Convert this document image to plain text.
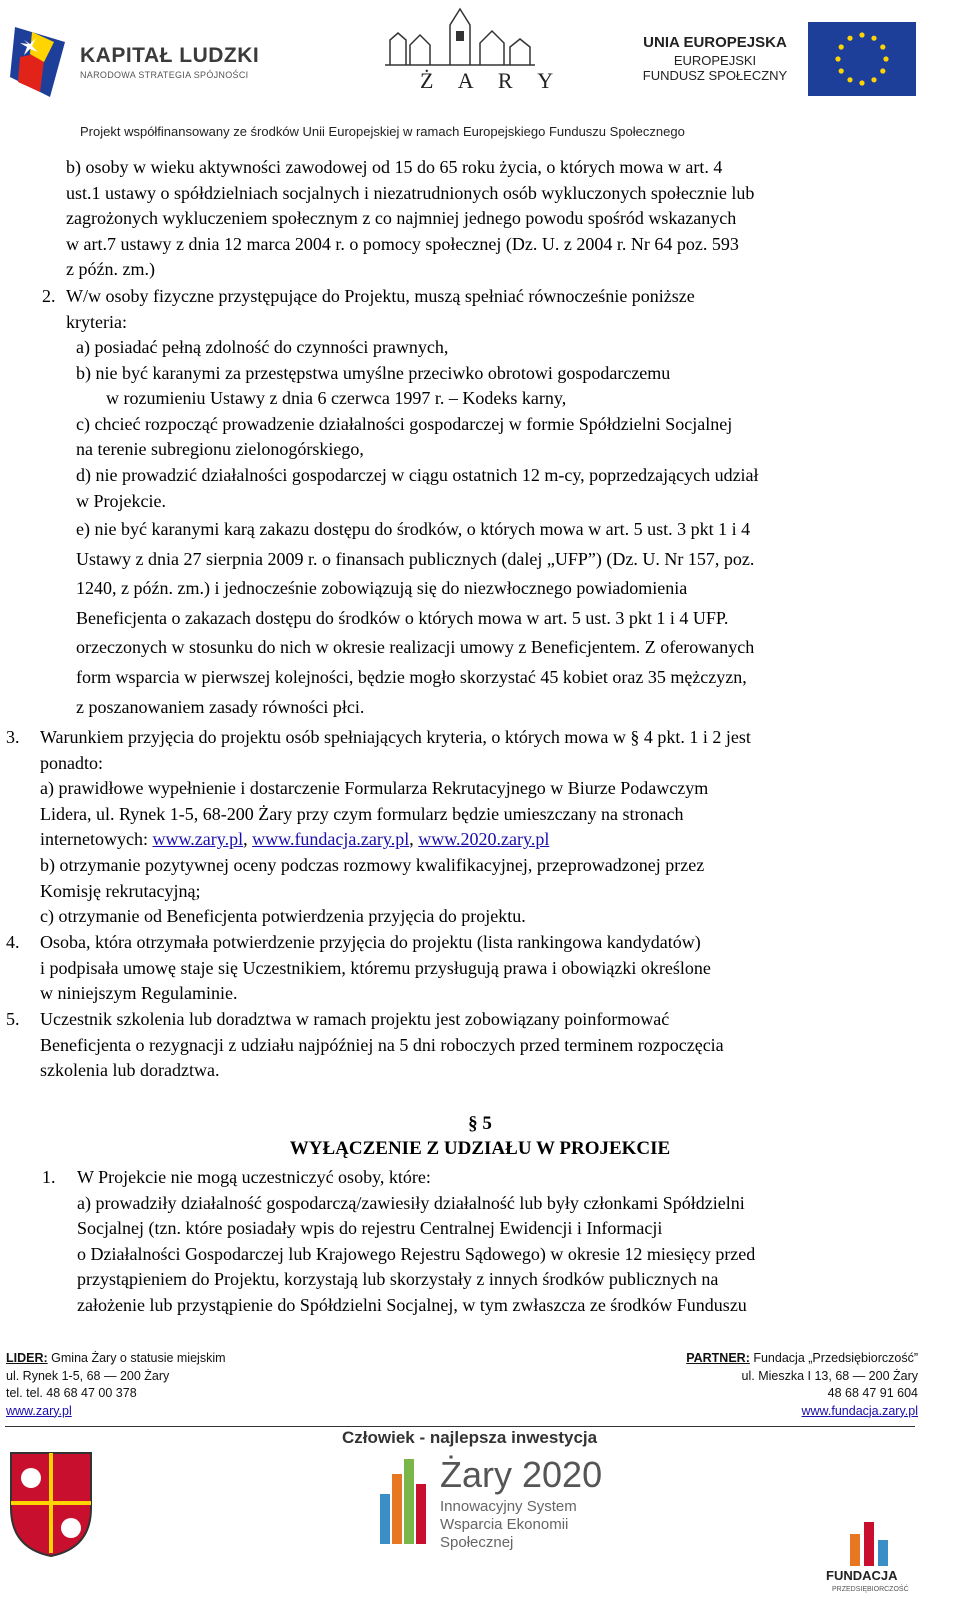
KAPITAŁ LUDZKI
NARODOWA STRATEGIA SPÓJNOŚCI	Ż A R Y
UNIA EUROPEJSKA
EUROPEJSKI
FUNDUSZ SPOŁECZNY
Projekt współfinansowany ze środków Unii Europejskiej w ramach Europejskiego Funduszu Społecznego
b) osoby w wieku aktywności zawodowej od 15 do 65 roku życia, o których mowa w art. 4
ust.1 ustawy o spółdzielniach socjalnych i niezatrudnionych osób wykluczonych społecznie lub
zagrożonych wykluczeniem społecznym z co najmniej jednego powodu spośród wskazanych
w art.7 ustawy z dnia 12 marca 2004 r. o pomocy społecznej (Dz. U. z 2004 r. Nr 64 poz. 593
z późn. zm.)
2. W/w osoby fizyczne przystępujące do Projektu, muszą spełniać równocześnie poniższe
kryteria:
a) posiadać pełną zdolność do czynności prawnych,
b) nie być karanymi za przestępstwa umyślne przeciwko obrotowi gospodarczemu
w rozumieniu Ustawy z dnia 6 czerwca 1997 r. – Kodeks karny,
c) chcieć rozpocząć prowadzenie działalności gospodarczej w formie Spółdzielni Socjalnej
na terenie subregionu zielonogórskiego,
d) nie prowadzić działalności gospodarczej w ciągu ostatnich 12 m-cy, poprzedzających udział
w Projekcie.
e) nie być karanymi karą zakazu dostępu do środków, o których mowa w art. 5 ust. 3 pkt 1 i 4
Ustawy z dnia 27 sierpnia 2009 r. o finansach publicznych (dalej „UFP”) (Dz. U. Nr 157, poz.
1240, z późn. zm.) i jednocześnie zobowiązują się do niezwłocznego powiadomienia
Beneficjenta o zakazach dostępu do środków o których mowa w art. 5 ust. 3 pkt 1 i 4 UFP.
orzeczonych w stosunku do nich w okresie realizacji umowy z Beneficjentem. Z oferowanych
form wsparcia w pierwszej kolejności, będzie mogło skorzystać 45 kobiet oraz 35 mężczyzn,
z poszanowaniem zasady równości płci.
3. Warunkiem przyjęcia do projektu osób spełniających kryteria, o których mowa w § 4 pkt. 1 i 2 jest
ponadto:
a) prawidłowe wypełnienie i dostarczenie Formularza Rekrutacyjnego w Biurze Podawczym
Lidera, ul. Rynek 1-5, 68-200 Żary przy czym formularz będzie umieszczany na stronach
internetowych: www.zary.pl, www.fundacja.zary.pl, www.2020.zary.pl
b) otrzymanie pozytywnej oceny podczas rozmowy kwalifikacyjnej, przeprowadzonej przez
Komisję rekrutacyjną;
c) otrzymanie od Beneficjenta potwierdzenia przyjęcia do projektu.
4. Osoba, która otrzymała potwierdzenie przyjęcia do projektu (lista rankingowa kandydatów)
i podpisała umowę staje się Uczestnikiem, któremu przysługują prawa i obowiązki określone
w niniejszym Regulaminie.
5. Uczestnik szkolenia lub doradztwa w ramach projektu jest zobowiązany poinformować
Beneficjenta o rezygnacji z udziału najpóźniej na 5 dni roboczych przed terminem rozpoczęcia
szkolenia lub doradztwa.
§ 5
WYŁĄCZENIE Z UDZIAŁU W PROJEKCIE
1. W Projekcie nie mogą uczestniczyć osoby, które:
a) prowadziły działalność gospodarczą/zawiesiły działalność lub były członkami Spółdzielni
Socjalnej (tzn. które posiadały wpis do rejestru Centralnej Ewidencji i Informacji
o Działalności Gospodarczej lub Krajowego Rejestru Sądowego) w okresie 12 miesięcy przed
przystąpieniem do Projektu, korzystają lub skorzystały z innych środków publicznych na
założenie lub przystąpienie do Spółdzielni Socjalnej, w tym zwłaszcza ze środków Funduszu
LIDER: Gmina Żary o statusie miejskim
ul. Rynek 1-5, 68 — 200 Żary
tel. tel. 48 68 47 00 378
www.zary.pl
PARTNER: Fundacja „Przedsiębiorczość”
ul. Mieszka I 13, 68 — 200 Żary
48 68 47 91 604
www.fundacja.zary.pl
Człowiek - najlepsza inwestycja
Żary 2020
Innowacyjny System
Wsparcia Ekonomii
Społecznej
FUNDACJA
PRZEDSIĘBIORCZOŚĆ
